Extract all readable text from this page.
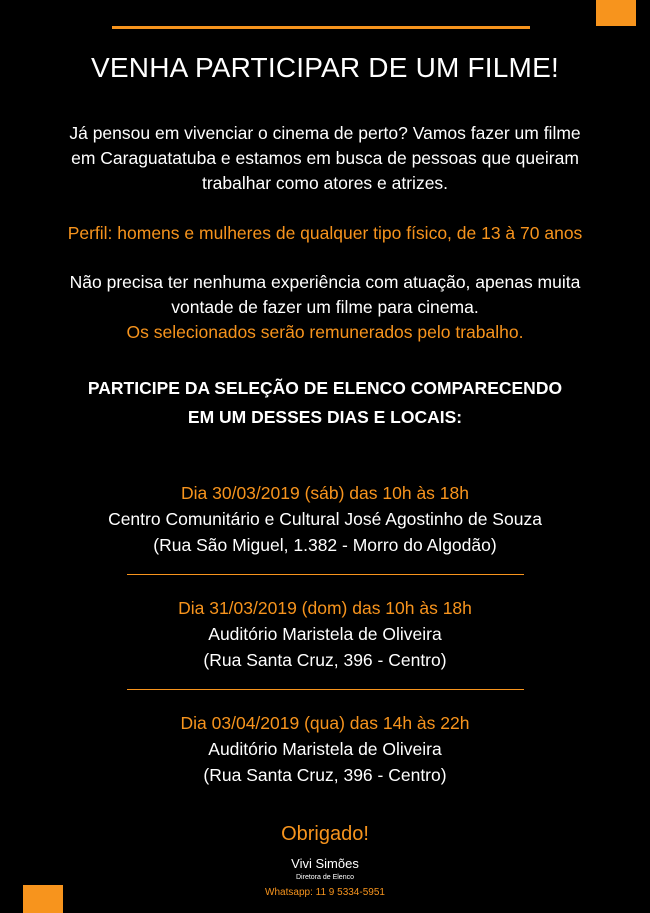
VENHA PARTICIPAR DE UM FILME!

Já pensou em vivenciar o cinema de perto? Vamos fazer um filme
em Caraguatatuba e estamos em busca de pessoas que queiram
trabalhar como atores e atrizes.

Perfil: homens e mulheres de qualquer tipo físico, de 13 à 70 anos

Não precisa ter nenhuma experiência com atuação, apenas muita
vontade de fazer um filme para cinema.
Os selecionados serão remunerados pelo trabalho.

PARTICIPE DA SELEÇÃO DE ELENCO COMPARECENDO
EM UM DESSES DIAS E LOCAIS:

Dia 30/03/2019 (sáb) das 10h às 18h
Centro Comunitário e Cultural José Agostinho de Souza
(Rua São Miguel, 1.382 - Morro do Algodão)
Dia 31/03/2019 (dom) das 10h às 18h
Auditório Maristela de Oliveira
(Rua Santa Cruz, 396 - Centro)
Dia 03/04/2019 (qua) das 14h às 22h
Auditório Maristela de Oliveira
(Rua Santa Cruz, 396 - Centro)

Obrigado!

Vivi Simões
Diretora de Elenco
Whatsapp: 11 9 5334-5951
